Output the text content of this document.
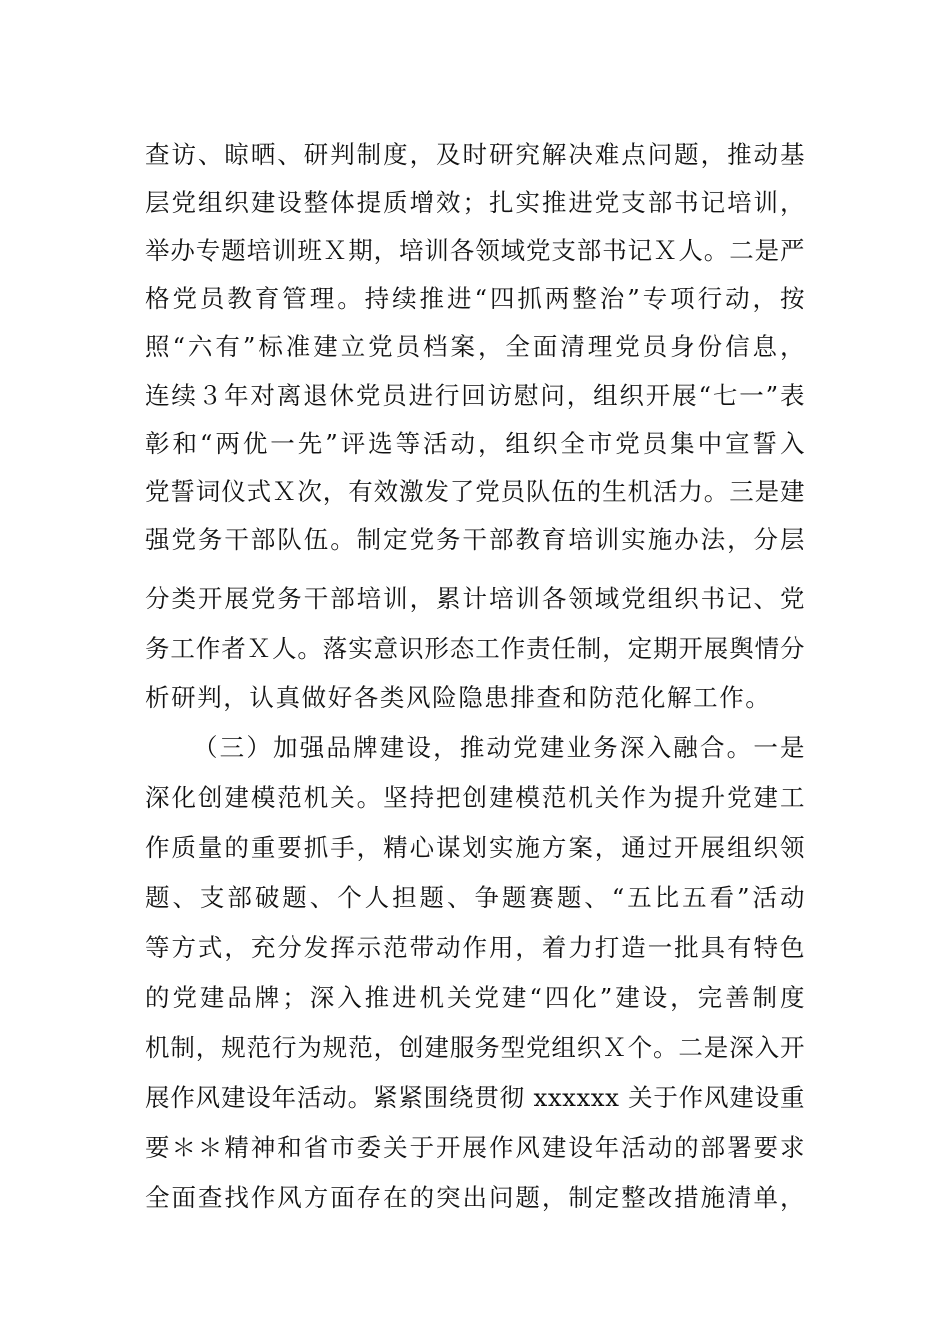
查访、晾晒、研判制度，及时研究解决难点问题，推动基
层党组织建设整体提质增效；扎实推进党支部书记培训，
举办专题培训班Ｘ期，培训各领域党支部书记Ｘ人。二是严
格党员教育管理。持续推进“四抓两整治”专项行动，按
照“六有”标准建立党员档案，全面清理党员身份信息，
连续３年对离退休党员进行回访慰问，组织开展“七一”表
彰和“两优一先”评选等活动，组织全市党员集中宣誓入
党誓词仪式Ｘ次，有效激发了党员队伍的生机活力。三是建
强党务干部队伍。制定党务干部教育培训实施办法，分层
分类开展党务干部培训，累计培训各领域党组织书记、党
务工作者Ｘ人。落实意识形态工作责任制，定期开展舆情分
析研判，认真做好各类风险隐患排查和防范化解工作。
（三）加强品牌建设，推动党建业务深入融合。一是
深化创建模范机关。坚持把创建模范机关作为提升党建工
作质量的重要抓手，精心谋划实施方案，通过开展组织领
题、支部破题、个人担题、争题赛题、“五比五看”活动
等方式，充分发挥示范带动作用，着力打造一批具有特色
的党建品牌；深入推进机关党建“四化”建设，完善制度
机制，规范行为规范，创建服务型党组织Ｘ个。二是深入开
展作风建设年活动。紧紧围绕贯彻 xxxxxx 关于作风建设重
要＊＊精神和省市委关于开展作风建设年活动的部署要求
全面查找作风方面存在的突出问题，制定整改措施清单，
